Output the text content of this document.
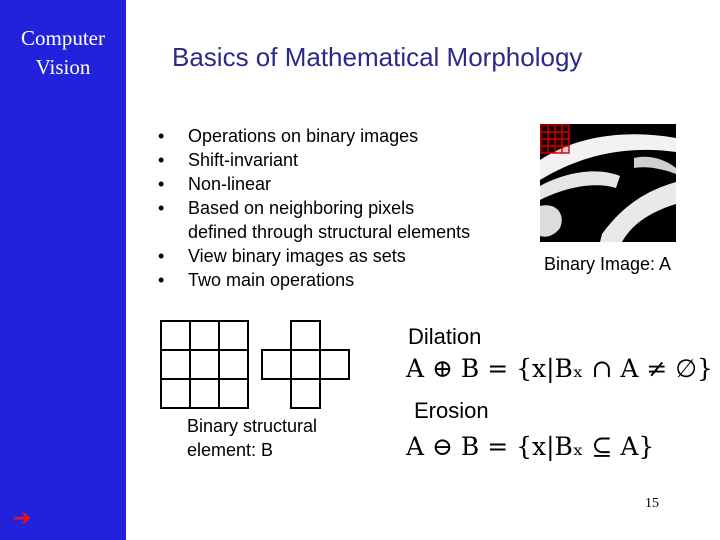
Computer
Vision
➔
Basics of Mathematical Morphology
• Operations on binary images
• Shift-invariant
• Non-linear
• Based on neighboring pixels
defined through structural elements
• View binary images as sets
• Two main operations
Binary Image: A
Binary structural
element: B
Dilation
A ⊕ B = {x|Bₓ ∩ A ≠ ∅}
Erosion
A ⊖ B = {x|Bₓ ⊆ A}
15
